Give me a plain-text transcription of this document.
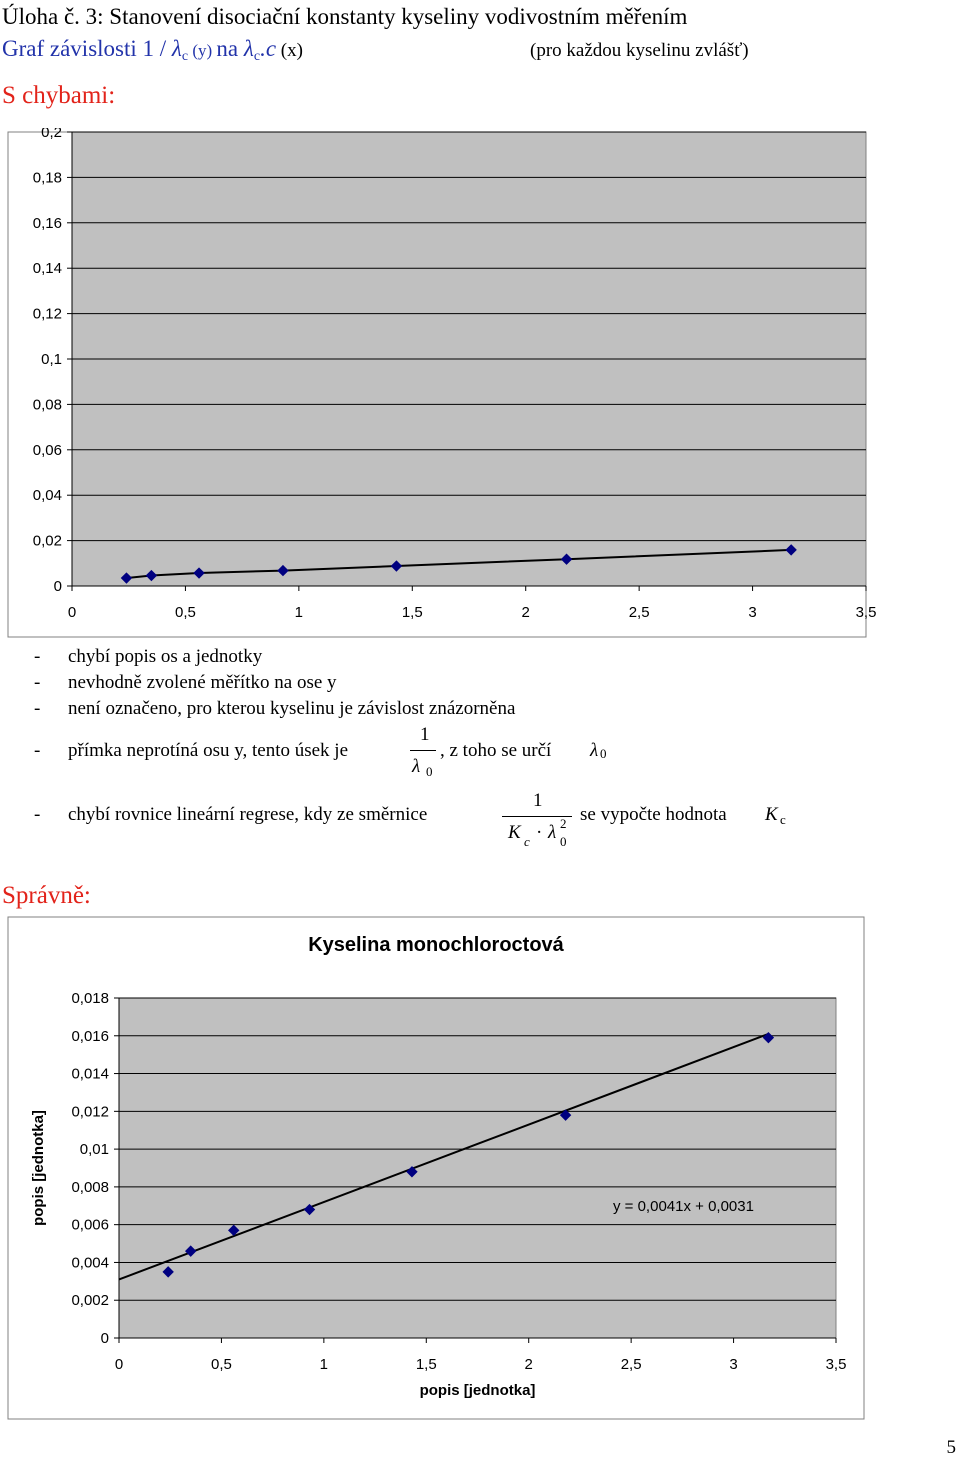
Úloha č. 3: Stanovení disociační konstanty kyseliny vodivostním měřením
Graf závislosti $1 / \lambda_c$ (y) na $\lambda_c.c$ (x)	(pro každou kyselinu zvlášť)
S chybami:
0
0,02
0,04
0,06
0,08
0,1
0,12
0,14
0,16
0,18
0,2
0	0,5	1	1,5	2	2,5	3	3,5
- chybí popis os a jednotky
- nevhodně zvolené měřítko na ose y
- není označeno, pro kterou kyselinu je závislost znázorněna
- přímka neprotíná osu y, tento úsek je
1
λ 0
, z toho se určí λ 0
- chybí rovnice lineární regrese, kdy ze směrnice
1
K c · λ 2
0
se vypočte hodnota K c
Správně:
0
0,002
0,004
0,006
0,008
0,01
0,012
0,014
0,016
0,018
0	0,5	1	1,5	2	2,5	3	3,5
y = 0,0041x + 0,0031
Kyselina monochloroctová
popis [jednotka]
popis [jednotka]
5
